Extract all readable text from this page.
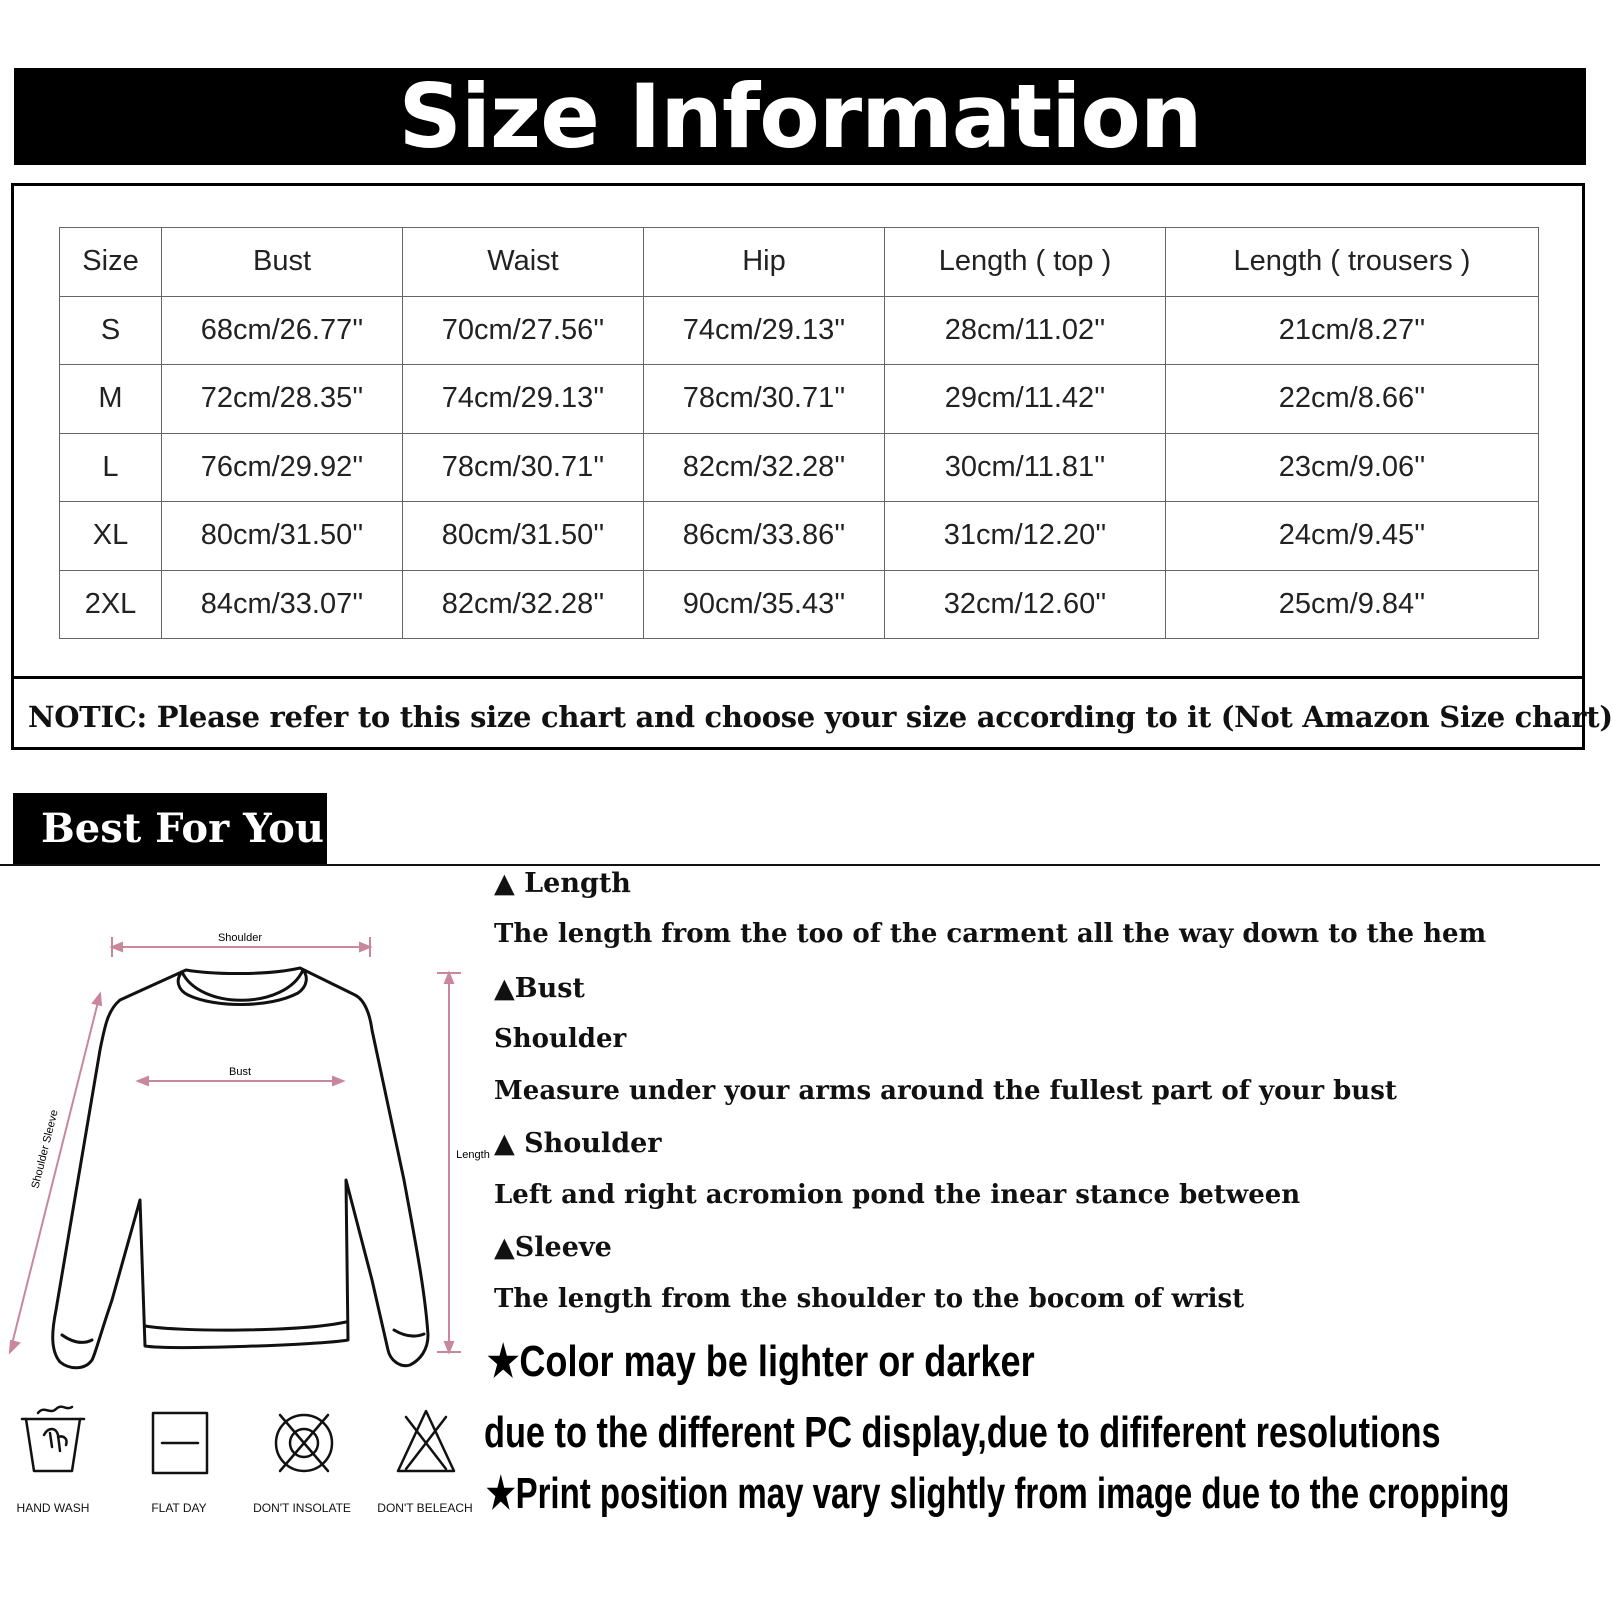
Size Information
Size	Bust	Waist	Hip	Length ( top )	Length ( trousers )
S	68cm/26.77''	70cm/27.56''	74cm/29.13''	28cm/11.02''	21cm/8.27''
M	72cm/28.35''	74cm/29.13''	78cm/30.71''	29cm/11.42''	22cm/8.66''
L	76cm/29.92''	78cm/30.71''	82cm/32.28''	30cm/11.81''	23cm/9.06''
XL	80cm/31.50''	80cm/31.50''	86cm/33.86''	31cm/12.20''	24cm/9.45''
2XL	84cm/33.07''	82cm/32.28''	90cm/35.43''	32cm/12.60''	25cm/9.84''
NOTIC: Please refer to this size chart and choose your size according to it (Not Amazon Size chart)
Best For You
Shoulder
Bust
Length
Shoulder Sleeve
▲ Length
The length from the too of the carment all the way down to the hem
▲Bust
Shoulder
Measure under your arms around the fullest part of your bust
▲ Shoulder
Left and right acromion pond the inear stance between
▲Sleeve
The length from the shoulder to the bocom of wrist
★Color may be lighter or darker
due to the different PC display,due to dififerent resolutions
★Print position may vary slightly from image due to the cropping
HAND WASH	FLAT DAY	DON'T INSOLATE	DON'T BELEACH
